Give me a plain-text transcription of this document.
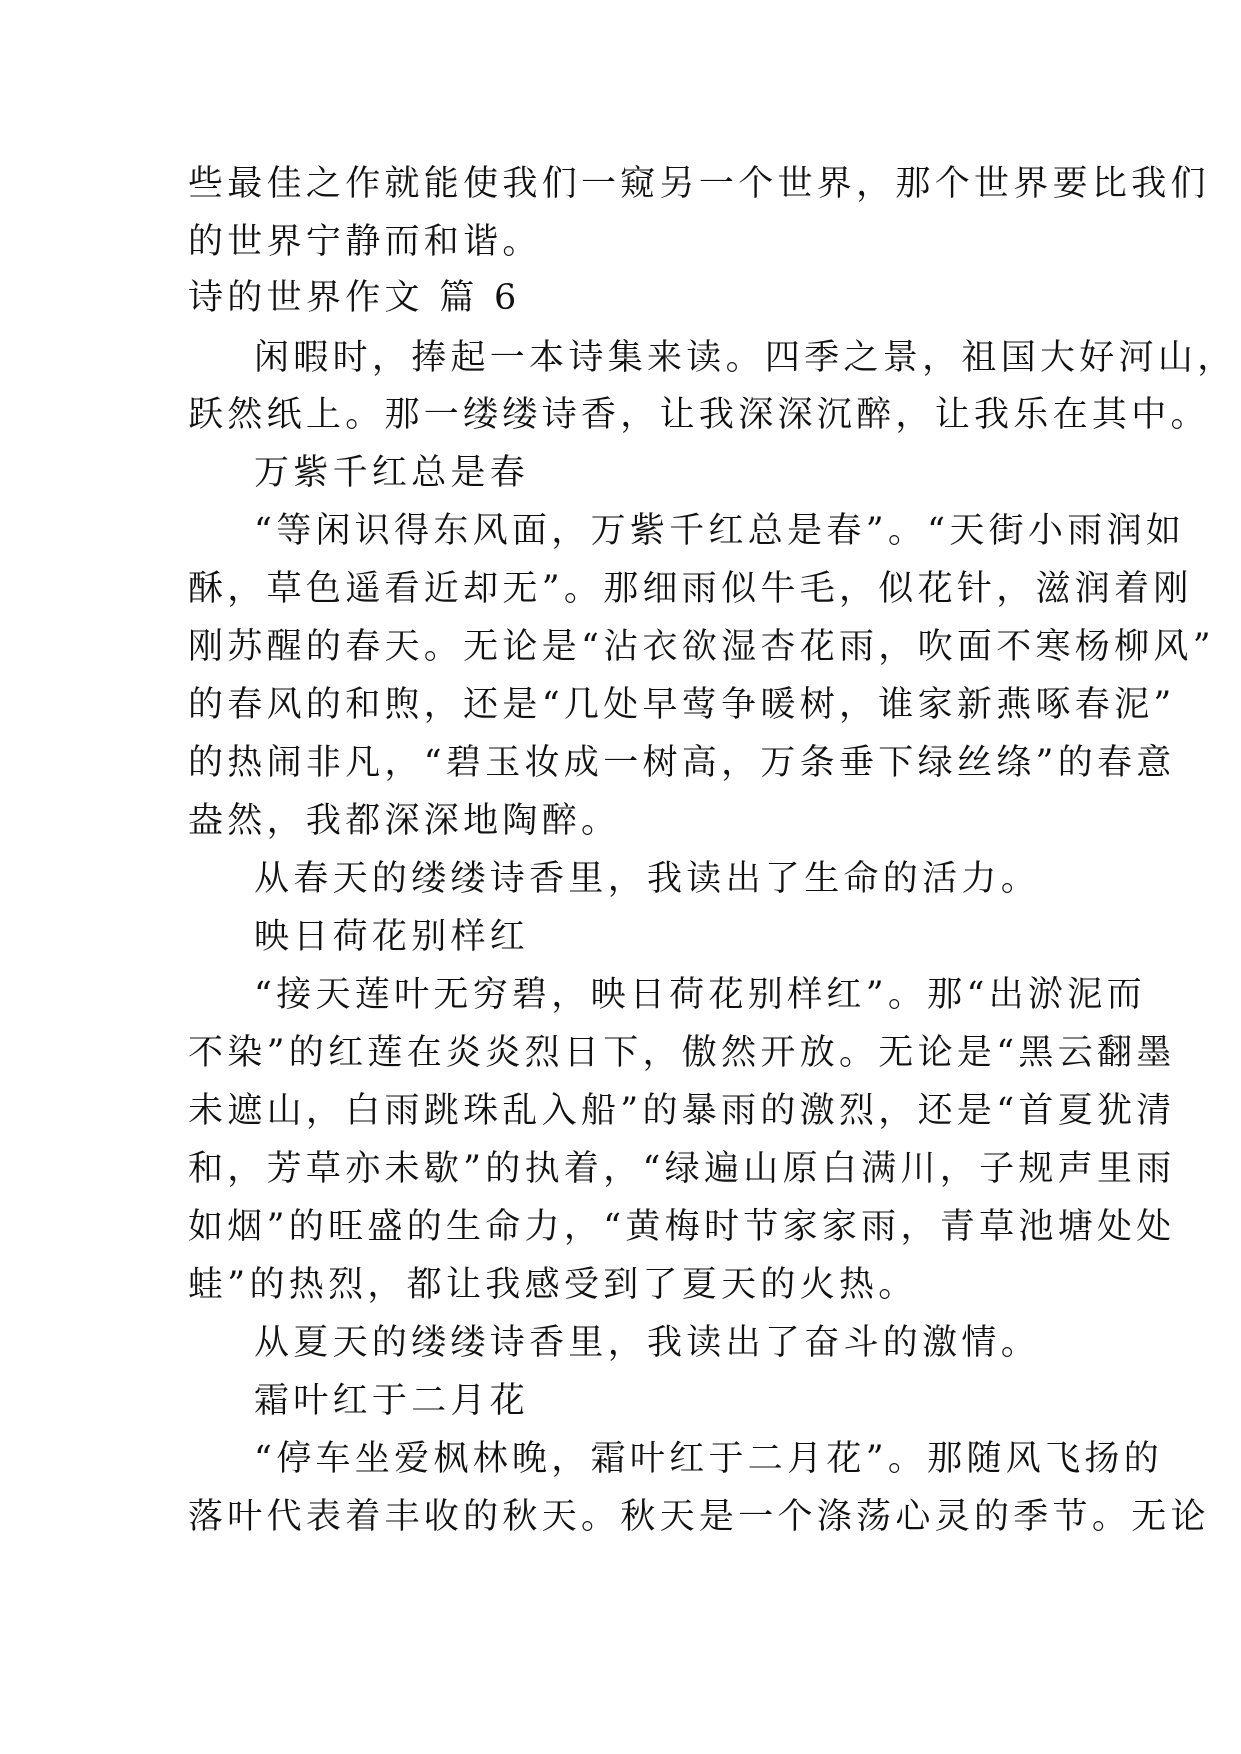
些最佳之作就能使我们一窥另一个世界，那个世界要比我们
的世界宁静而和谐。
诗的世界作文 篇 6
闲暇时，捧起一本诗集来读。四季之景，祖国大好河山，
跃然纸上。那一缕缕诗香，让我深深沉醉，让我乐在其中。
万紫千红总是春
“等闲识得东风面，万紫千红总是春”。“天街小雨润如
酥，草色遥看近却无”。那细雨似牛毛，似花针，滋润着刚
刚苏醒的春天。无论是“沾衣欲湿杏花雨，吹面不寒杨柳风”
的春风的和煦，还是“几处早莺争暖树，谁家新燕啄春泥”
的热闹非凡，“碧玉妆成一树高，万条垂下绿丝绦”的春意
盎然，我都深深地陶醉。
从春天的缕缕诗香里，我读出了生命的活力。
映日荷花别样红
“接天莲叶无穷碧，映日荷花别样红”。那“出淤泥而
不染”的红莲在炎炎烈日下，傲然开放。无论是“黑云翻墨
未遮山，白雨跳珠乱入船”的暴雨的激烈，还是“首夏犹清
和，芳草亦未歇”的执着，“绿遍山原白满川，子规声里雨
如烟”的旺盛的生命力，“黄梅时节家家雨，青草池塘处处
蛙”的热烈，都让我感受到了夏天的火热。
从夏天的缕缕诗香里，我读出了奋斗的激情。
霜叶红于二月花
“停车坐爱枫林晚，霜叶红于二月花”。那随风飞扬的
落叶代表着丰收的秋天。秋天是一个涤荡心灵的季节。无论
